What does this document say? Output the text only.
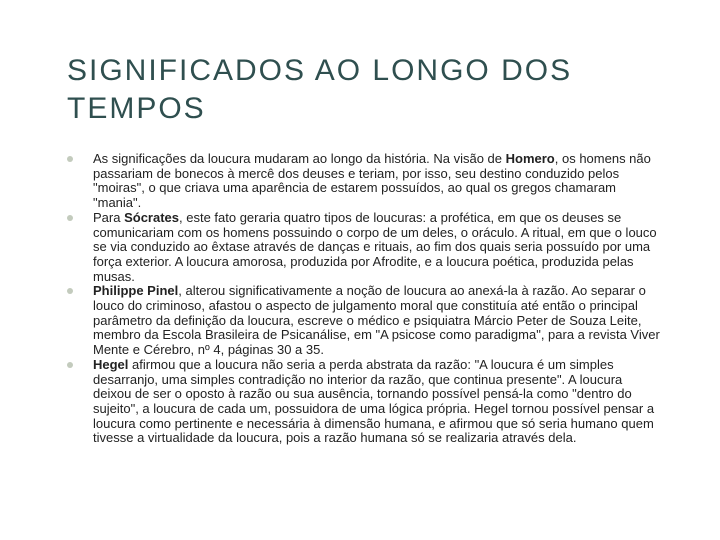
SIGNIFICADOS AO LONGO DOS
TEMPOS
As significações da loucura mudaram ao longo da história. Na visão de Homero, os homens não passariam de bonecos à mercê dos deuses e teriam, por isso, seu destino conduzido pelos "moiras", o que criava uma aparência de estarem possuídos, ao qual os gregos chamaram "mania".
Para Sócrates, este fato geraria quatro tipos de loucuras: a profética, em que os deuses se comunicariam com os homens possuindo o corpo de um deles, o oráculo. A ritual, em que o louco se via conduzido ao êxtase através de danças e rituais, ao fim dos quais seria possuído por uma força exterior. A loucura amorosa, produzida por Afrodite, e a loucura poética, produzida pelas musas.
Philippe Pinel, alterou significativamente a noção de loucura ao anexá-la à razão. Ao separar o louco do criminoso, afastou o aspecto de julgamento moral que constituía até então o principal parâmetro da definição da loucura, escreve o médico e psiquiatra Márcio Peter de Souza Leite, membro da Escola Brasileira de Psicanálise, em "A psicose como paradigma", para a revista Viver Mente e Cérebro, nº 4, páginas 30 a 35.
Hegel afirmou que a loucura não seria a perda abstrata da razão: "A loucura é um simples desarranjo, uma simples contradição no interior da razão, que continua presente". A loucura deixou de ser o oposto à razão ou sua ausência, tornando possível pensá-la como "dentro do sujeito", a loucura de cada um, possuidora de uma lógica própria. Hegel tornou possível pensar a loucura como pertinente e necessária à dimensão humana, e afirmou que só seria humano quem tivesse a virtualidade da loucura, pois a razão humana só se realizaria através dela.
